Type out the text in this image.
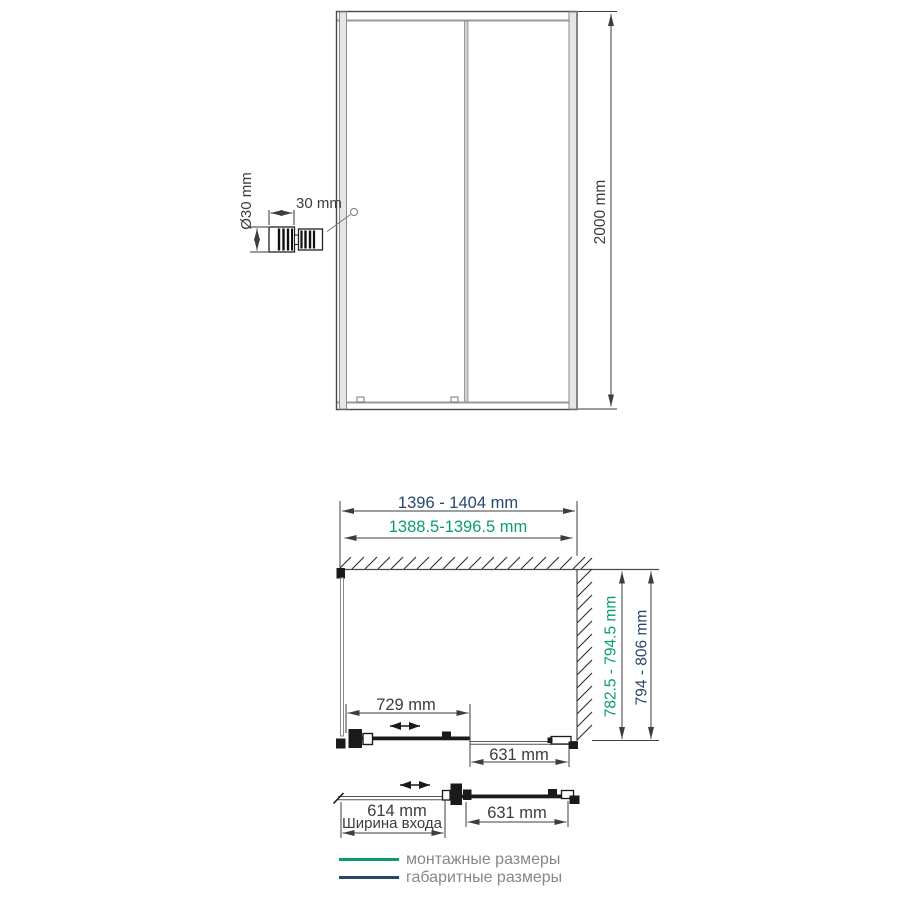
2000 mm
Ø30 mm	30 mm
1396 - 1404 mm
1388.5-1396.5 mm
782.5 - 794.5 mm 794 - 806 mm
729 mm
631 mm
614 mm
Ширина входа
631 mm
монтажные размеры
габаритные размеры
